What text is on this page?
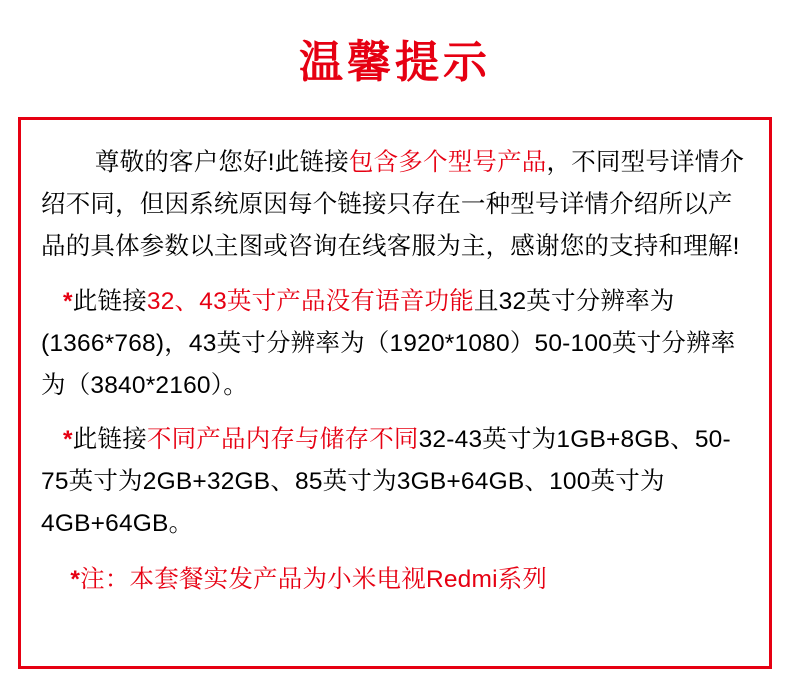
温馨提示

尊敬的客户您好!此链接包含多个型号产品，不同型号详情介绍不同，但因系统原因每个链接只存在一种型号详情介绍所以产品的具体参数以主图或咨询在线客服为主，感谢您的支持和理解!

*此链接32、43英寸产品没有语音功能且32英寸分辨率为(1366*768)，43英寸分辨率为（1920*1080）50-100英寸分辨率为（3840*2160）。

*此链接不同产品内存与储存不同32-43英寸为1GB+8GB、50-75英寸为2GB+32GB、85英寸为3GB+64GB、100英寸为4GB+64GB。

*注：本套餐实发产品为小米电视Redmi系列
